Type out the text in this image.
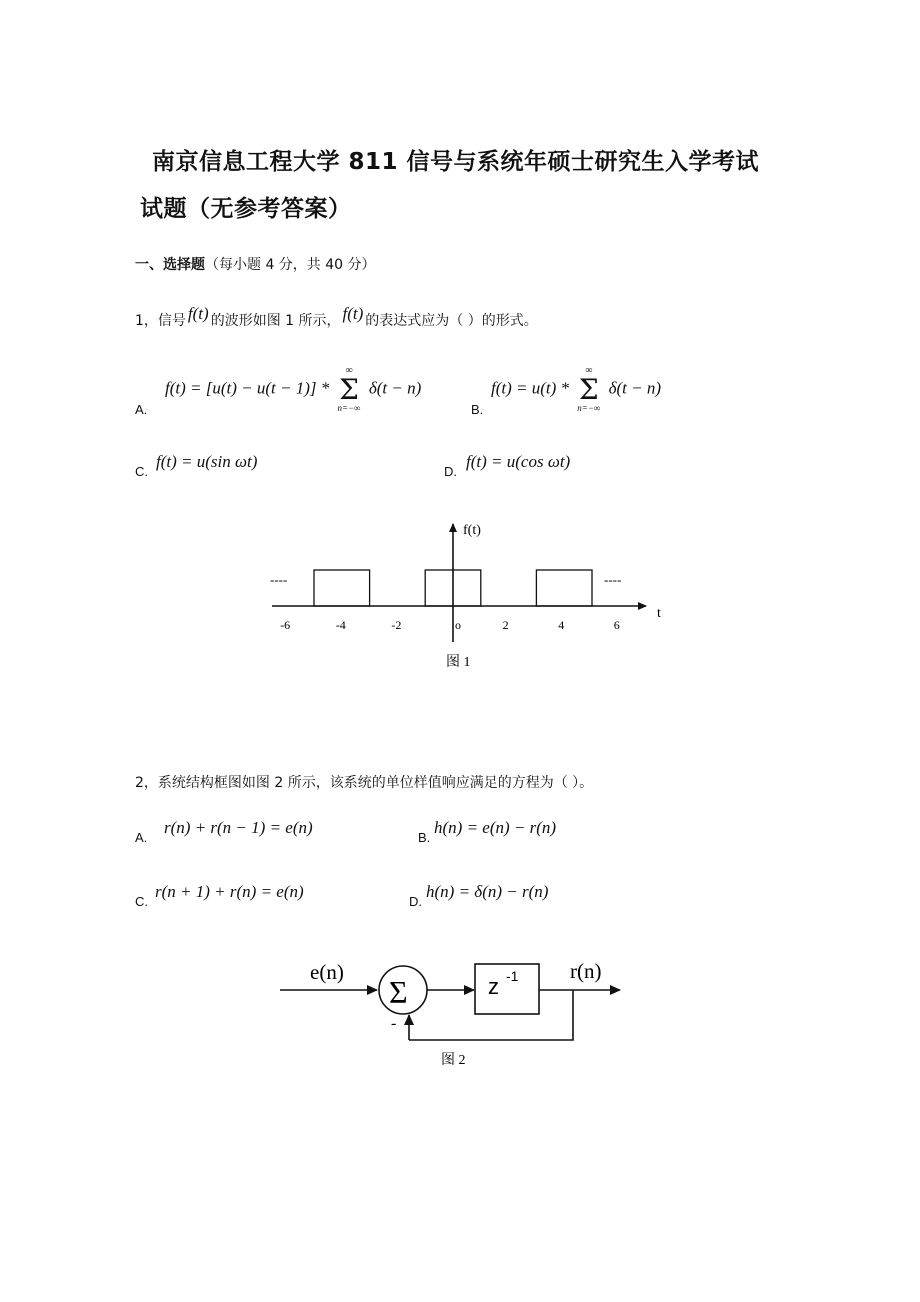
南京信息工程大学 811 信号与系统年硕士研究生入学考试
试题（无参考答案）
一、选择题（每小题 4 分，共 40 分）
1，信号 f(t) 的波形如图 1 所示， f(t) 的表达式应为（ ）的形式。
A.
f(t) = [u(t) − u(t − 1)] *
∞
Σ
n=−∞
δ(t − n)
B.
f(t) = u(t) *
∞
Σ
n=−∞
δ(t − n)
C.
f(t) = u(sin ωt)
D.
f(t) = u(cos ωt)
f(t)
t
----	----
-6	-4	-2	o	2	4	6
图 1
2，系统结构框图如图 2 所示，该系统的单位样值响应满足的方程为（ ）。
A.
r(n) + r(n − 1) = e(n)
B.
h(n) = e(n) − r(n)
C.
r(n + 1) + r(n) = e(n)
D.
h(n) = δ(n) − r(n)
e(n)
Σ	z -1 r(n)
-
图 2
